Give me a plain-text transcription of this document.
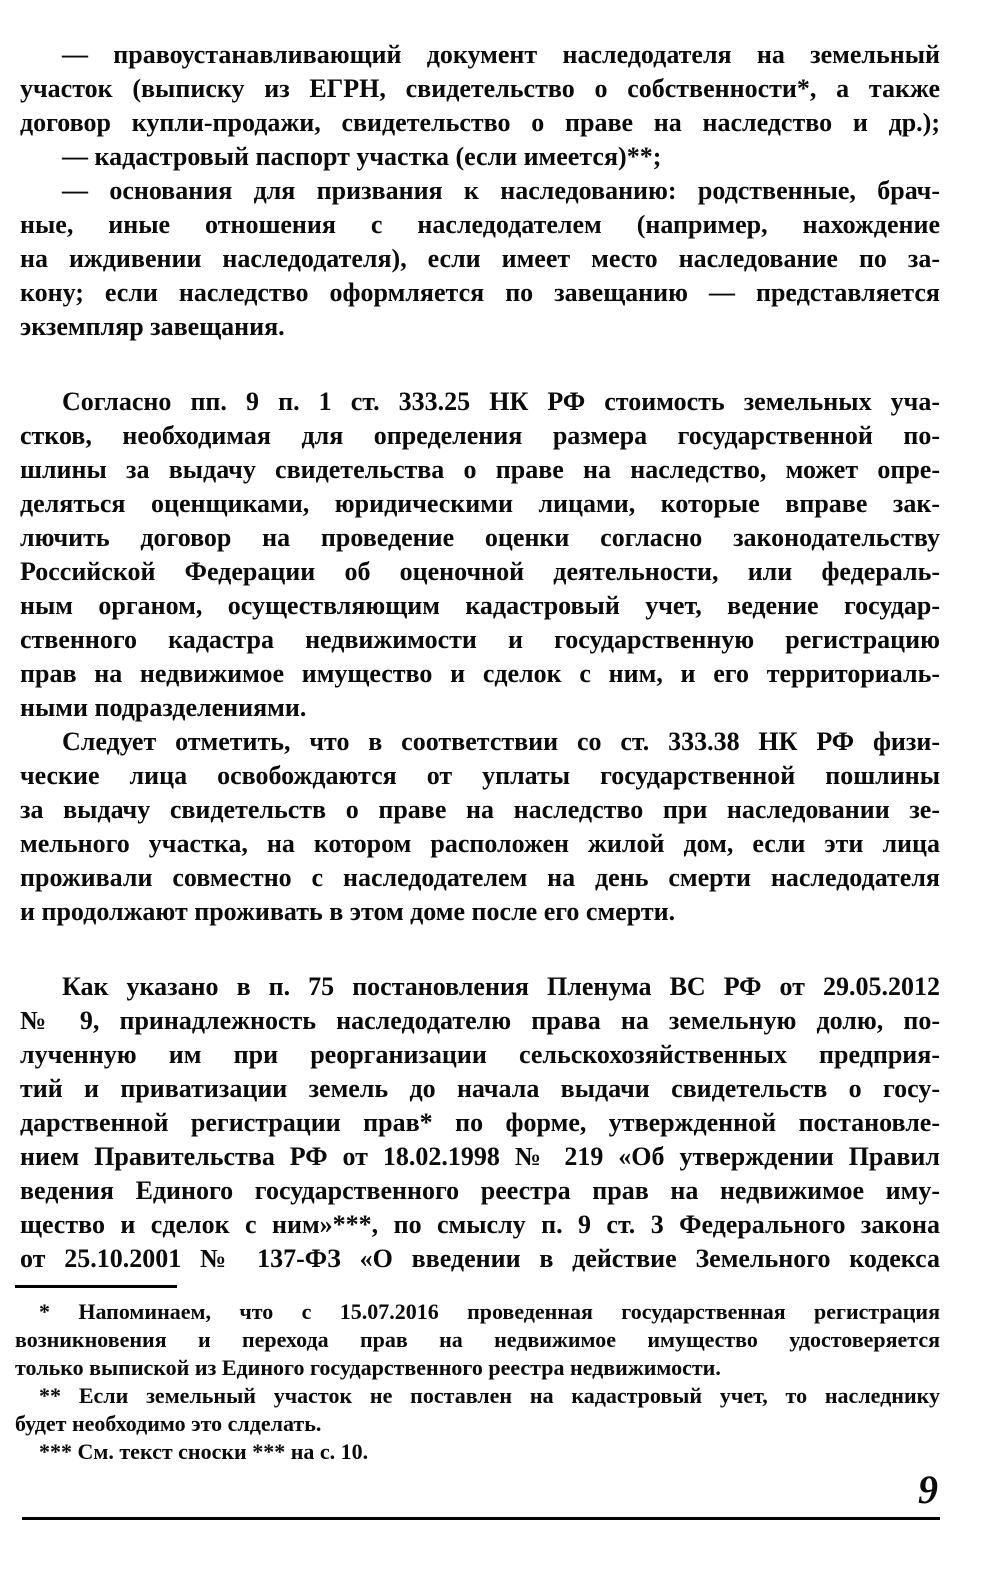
— правоустанавливающий документ наследодателя на земельный
участок (выписку из ЕГРН, свидетельство о собственности*, а также
договор купли-продажи, свидетельство о праве на наследство и др.);
— кадастровый паспорт участка (если имеется)**;
— основания для призвания к наследованию: родственные, брач-
ные, иные отношения с наследодателем (например, нахождение
на иждивении наследодателя), если имеет место наследование по за-
кону; если наследство оформляется по завещанию — представляется
экземпляр завещания.
Согласно пп. 9 п. 1 ст. 333.25 НК РФ стоимость земельных уча-
стков, необходимая для определения размера государственной по-
шлины за выдачу свидетельства о праве на наследство, может опре-
деляться оценщиками, юридическими лицами, которые вправе зак-
лючить договор на проведение оценки согласно законодательству
Российской Федерации об оценочной деятельности, или федераль-
ным органом, осуществляющим кадастровый учет, ведение государ-
ственного кадастра недвижимости и государственную регистрацию
прав на недвижимое имущество и сделок с ним, и его территориаль-
ными подразделениями.
Следует отметить, что в соответствии со ст. 333.38 НК РФ физи-
ческие лица освобождаются от уплаты государственной пошлины
за выдачу свидетельств о праве на наследство при наследовании зе-
мельного участка, на котором расположен жилой дом, если эти лица
проживали совместно с наследодателем на день смерти наследодателя
и продолжают проживать в этом доме после его смерти.
Как указано в п. 75 постановления Пленума ВС РФ от 29.05.2012
№ 9, принадлежность наследодателю права на земельную долю, по-
лученную им при реорганизации сельскохозяйственных предприя-
тий и приватизации земель до начала выдачи свидетельств о госу-
дарственной регистрации прав* по форме, утвержденной постановле-
нием Правительства РФ от 18.02.1998 № 219 «Об утверждении Правил
ведения Единого государственного реестра прав на недвижимое иму-
щество и сделок с ним»***, по смыслу п. 9 ст. 3 Федерального закона
от 25.10.2001 № 137-ФЗ «О введении в действие Земельного кодекса
* Напоминаем, что с 15.07.2016 проведенная государственная регистрация
возникновения и перехода прав на недвижимое имущество удостоверяется
только выпиской из Единого государственного реестра недвижимости.
** Если земельный участок не поставлен на кадастровый учет, то наследнику
будет необходимо это слделать.
*** См. текст сноски *** на с. 10.
9
